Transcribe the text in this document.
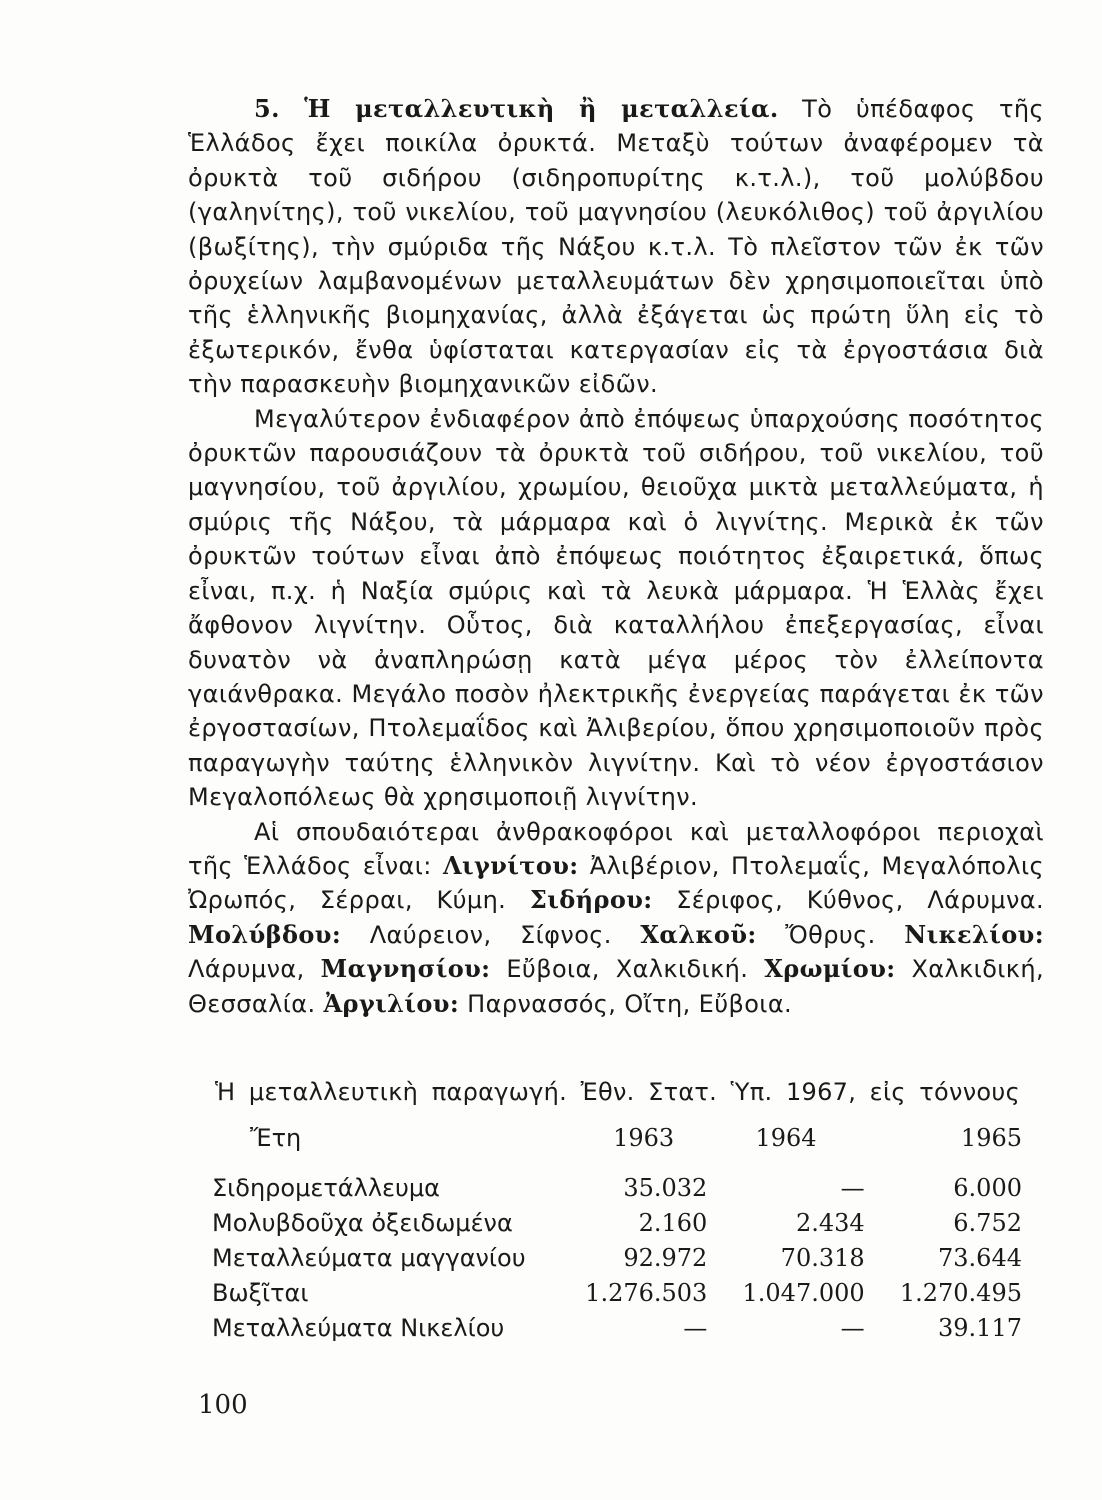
5. Ἡ μεταλλευτικὴ ἢ μεταλλεία. Τὸ ὑπέδαφος τῆς Ἑλλάδος ἔχει ποικίλα ὀρυκτά. Μεταξὺ τούτων ἀναφέρομεν τὰ ὀρυκτὰ τοῦ σιδήρου (σιδηροπυρίτης κ.τ.λ.), τοῦ μολύβδου (γαληνίτης), τοῦ νικελίου, τοῦ μαγνησίου (λευκόλιθος) τοῦ ἀργιλίου (βωξίτης), τὴν σμύριδα τῆς Νάξου κ.τ.λ. Τὸ πλεῖστον τῶν ἐκ τῶν ὀρυχείων λαμβανομένων μεταλλευμάτων δὲν χρησιμοποιεῖται ὑπὸ τῆς ἑλληνικῆς βιομηχανίας, ἀλλὰ ἐξάγεται ὡς πρώτη ὕλη εἰς τὸ ἐξωτερικόν, ἔνθα ὑφίσταται κατεργασίαν εἰς τὰ ἐργοστάσια διὰ τὴν παρασκευὴν βιομηχανικῶν εἰδῶν.

Μεγαλύτερον ἐνδιαφέρον ἀπὸ ἐπόψεως ὑπαρχούσης ποσότητος ὀρυκτῶν παρουσιάζουν τὰ ὀρυκτὰ τοῦ σιδήρου, τοῦ νικελίου, τοῦ μαγνησίου, τοῦ ἀργιλίου, χρωμίου, θειοῦχα μικτὰ μεταλλεύματα, ἡ σμύρις τῆς Νάξου, τὰ μάρμαρα καὶ ὁ λιγνίτης. Μερικὰ ἐκ τῶν ὀρυκτῶν τούτων εἶναι ἀπὸ ἐπόψεως ποιότητος ἐξαιρετικά, ὅπως εἶναι, π.χ. ἡ Ναξία σμύρις καὶ τὰ λευκὰ μάρμαρα. Ἡ Ἑλλὰς ἔχει ἄφθονον λιγνίτην. Οὗτος, διὰ καταλλήλου ἐπεξεργασίας, εἶναι δυνατὸν νὰ ἀναπληρώσῃ κατὰ μέγα μέρος τὸν ἐλλείποντα γαιάνθρακα. Μεγάλο ποσὸν ἠλεκτρικῆς ἐνεργείας παράγεται ἐκ τῶν ἐργοστασίων, Πτολεμαΐδος καὶ Ἀλιβερίου, ὅπου χρησιμοποιοῦν πρὸς παραγωγὴν ταύτης ἑλληνικὸν λιγνίτην. Καὶ τὸ νέον ἐργοστάσιον Μεγαλοπόλεως θὰ χρησιμοποιῇ λιγνίτην.

Αἱ σπουδαιότεραι ἀνθρακοφόροι καὶ μεταλλοφόροι περιοχαὶ τῆς Ἑλλάδος εἶναι: Λιγνίτου: Ἀλιβέριον, Πτολεμαΐς, Μεγαλόπολις Ὠρωπός, Σέρραι, Κύμη. Σιδήρου: Σέριφος, Κύθνος, Λάρυμνα. Μολύβδου: Λαύρειον, Σίφνος. Χαλκοῦ: Ὄθρυς. Νικελίου: Λάρυμνα, Μαγνησίου: Εὔβοια, Χαλκιδική. Χρωμίου: Χαλκιδική, Θεσσαλία. Ἀργιλίου: Παρνασσός, Οἴτη, Εὔβοια.

Ἡ μεταλλευτικὴ παραγωγή. Ἐθν. Στατ. Ὑπ. 1967, εἰς τόννους
Ἔτη	1963	1964	1965
Σιδηρομετάλλευμα	35.032	—	6.000
Μολυβδοῦχα ὀξειδωμένα	2.160	2.434	6.752
Μεταλλεύματα μαγγανίου	92.972	70.318	73.644
Βωξῖται	1.276.503	1.047.000	1.270.495
Μεταλλεύματα Νικελίου	—	—	39.117
100
